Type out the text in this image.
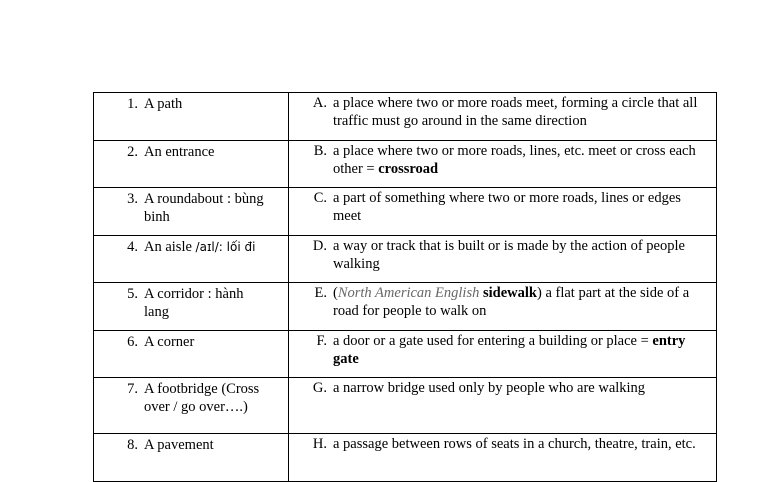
1. A path	A. a place where two or more roads meet, forming a circle that all traffic must go around in the same direction
2. An entrance	B. a place where two or more roads, lines, etc. meet or cross each other = crossroad
3. A roundabout : bùng binh	C. a part of something where two or more roads, lines or edges meet
4. An aisle /aɪl/: lối đi	D. a way or track that is built or is made by the action of people walking
5. A corridor : hành lang	E. (North American English sidewalk) a flat part at the side of a road for people to walk on
6. A corner	F. a door or a gate used for entering a building or place = entry gate
7. A footbridge (Cross over / go over….)	G. a narrow bridge used only by people who are walking
8. A pavement	H. a passage between rows of seats in a church, theatre, train, etc.
